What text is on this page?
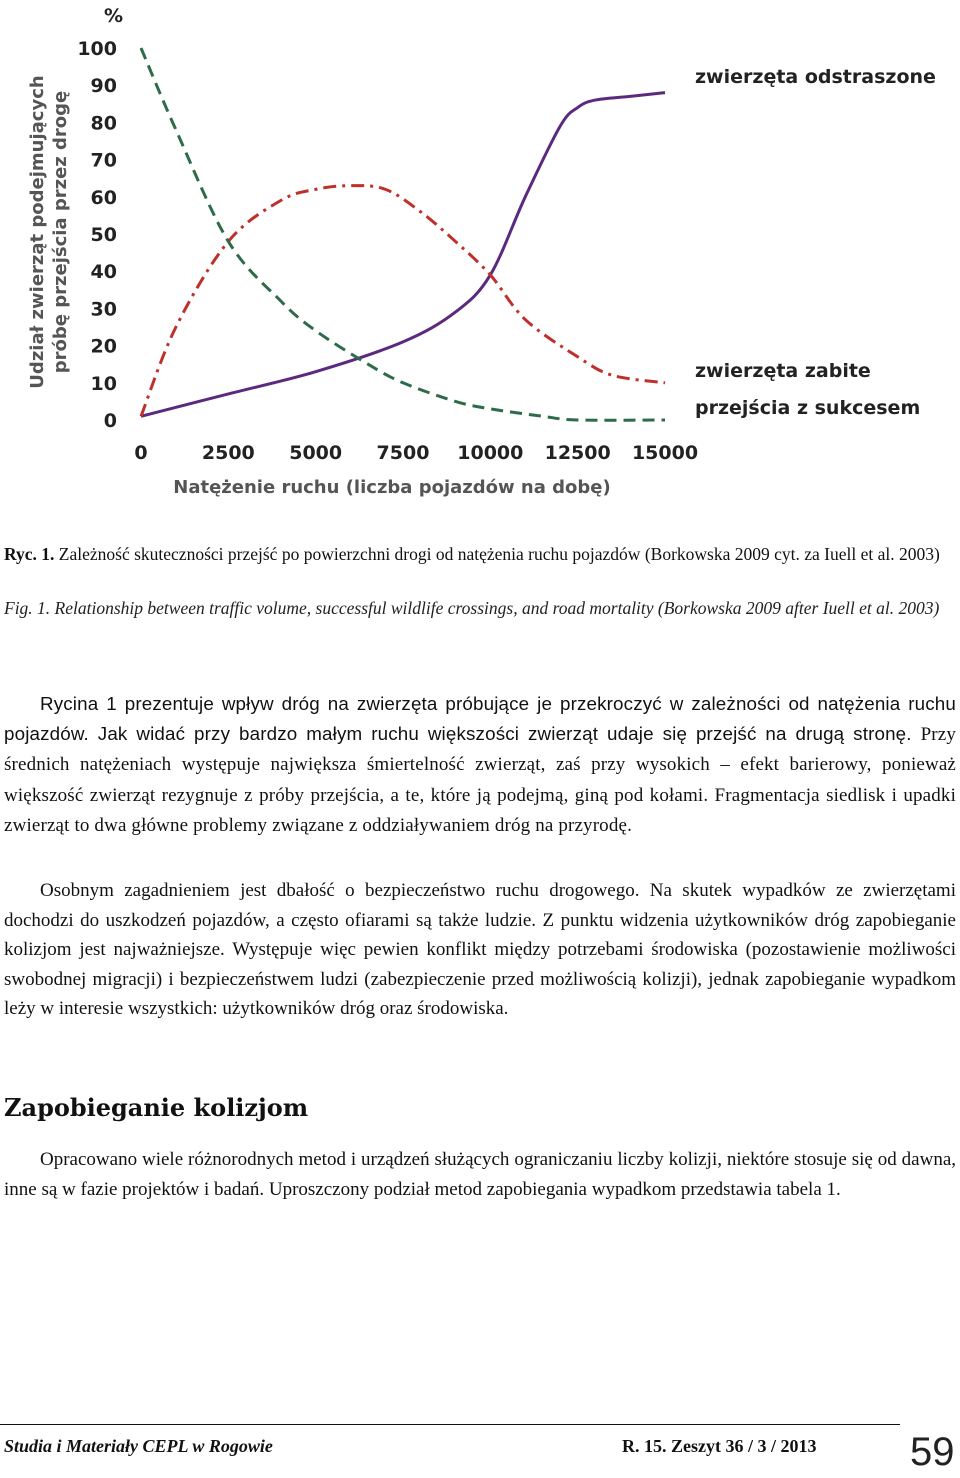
%
0
10
20
30
40
50
60
70
80
90
100
0	2500 5000 7500 10000 12500 15000
Udział zwierząt podejmujących próbę przejścia przez drogę
Natężenie ruchu (liczba pojazdów na dobę)
zwierzęta odstraszone
zwierzęta zabite
przejścia z sukcesem
Ryc. 1. Zależność skuteczności przejść po powierzchni drogi od natężenia ruchu pojazdów (Borkowska 2009 cyt. za Iuell et al. 2003)
Fig. 1. Relationship between traffic volume, successful wildlife crossings, and road mortality (Borkowska 2009 after Iuell et al. 2003)
Rycina 1 prezentuje wpływ dróg na zwierzęta próbujące je przekroczyć w zależności od natężenia ruchu pojazdów. Jak widać przy bardzo małym ruchu większości zwierząt udaje się przejść na drugą stronę. Przy średnich natężeniach występuje największa śmiertelność zwierząt, zaś przy wysokich – efekt barierowy, ponieważ większość zwierząt rezygnuje z próby przejścia, a te, które ją podejmą, giną pod kołami. Fragmentacja siedlisk i upadki zwierząt to dwa główne problemy związane z oddziaływaniem dróg na przyrodę.

Osobnym zagadnieniem jest dbałość o bezpieczeństwo ruchu drogowego. Na skutek wypadków ze zwierzętami dochodzi do uszkodzeń pojazdów, a często ofiarami są także ludzie. Z punktu widzenia użytkowników dróg zapobieganie kolizjom jest najważniejsze. Występuje więc pewien konflikt między potrzebami środowiska (pozostawienie możliwości swobodnej migracji) i bezpieczeństwem ludzi (zabezpieczenie przed możliwością kolizji), jednak zapobieganie wypadkom leży w interesie wszystkich: użytkowników dróg oraz środowiska.

Zapobieganie kolizjom

Opracowano wiele różnorodnych metod i urządzeń służących ograniczaniu liczby kolizji, niektóre stosuje się od dawna, inne są w fazie projektów i badań. Uproszczony podział metod zapobiegania wypadkom przedstawia tabela 1.

Studia i Materiały CEPL w Rogowie	R. 15. Zeszyt 36 / 3 / 2013 59
